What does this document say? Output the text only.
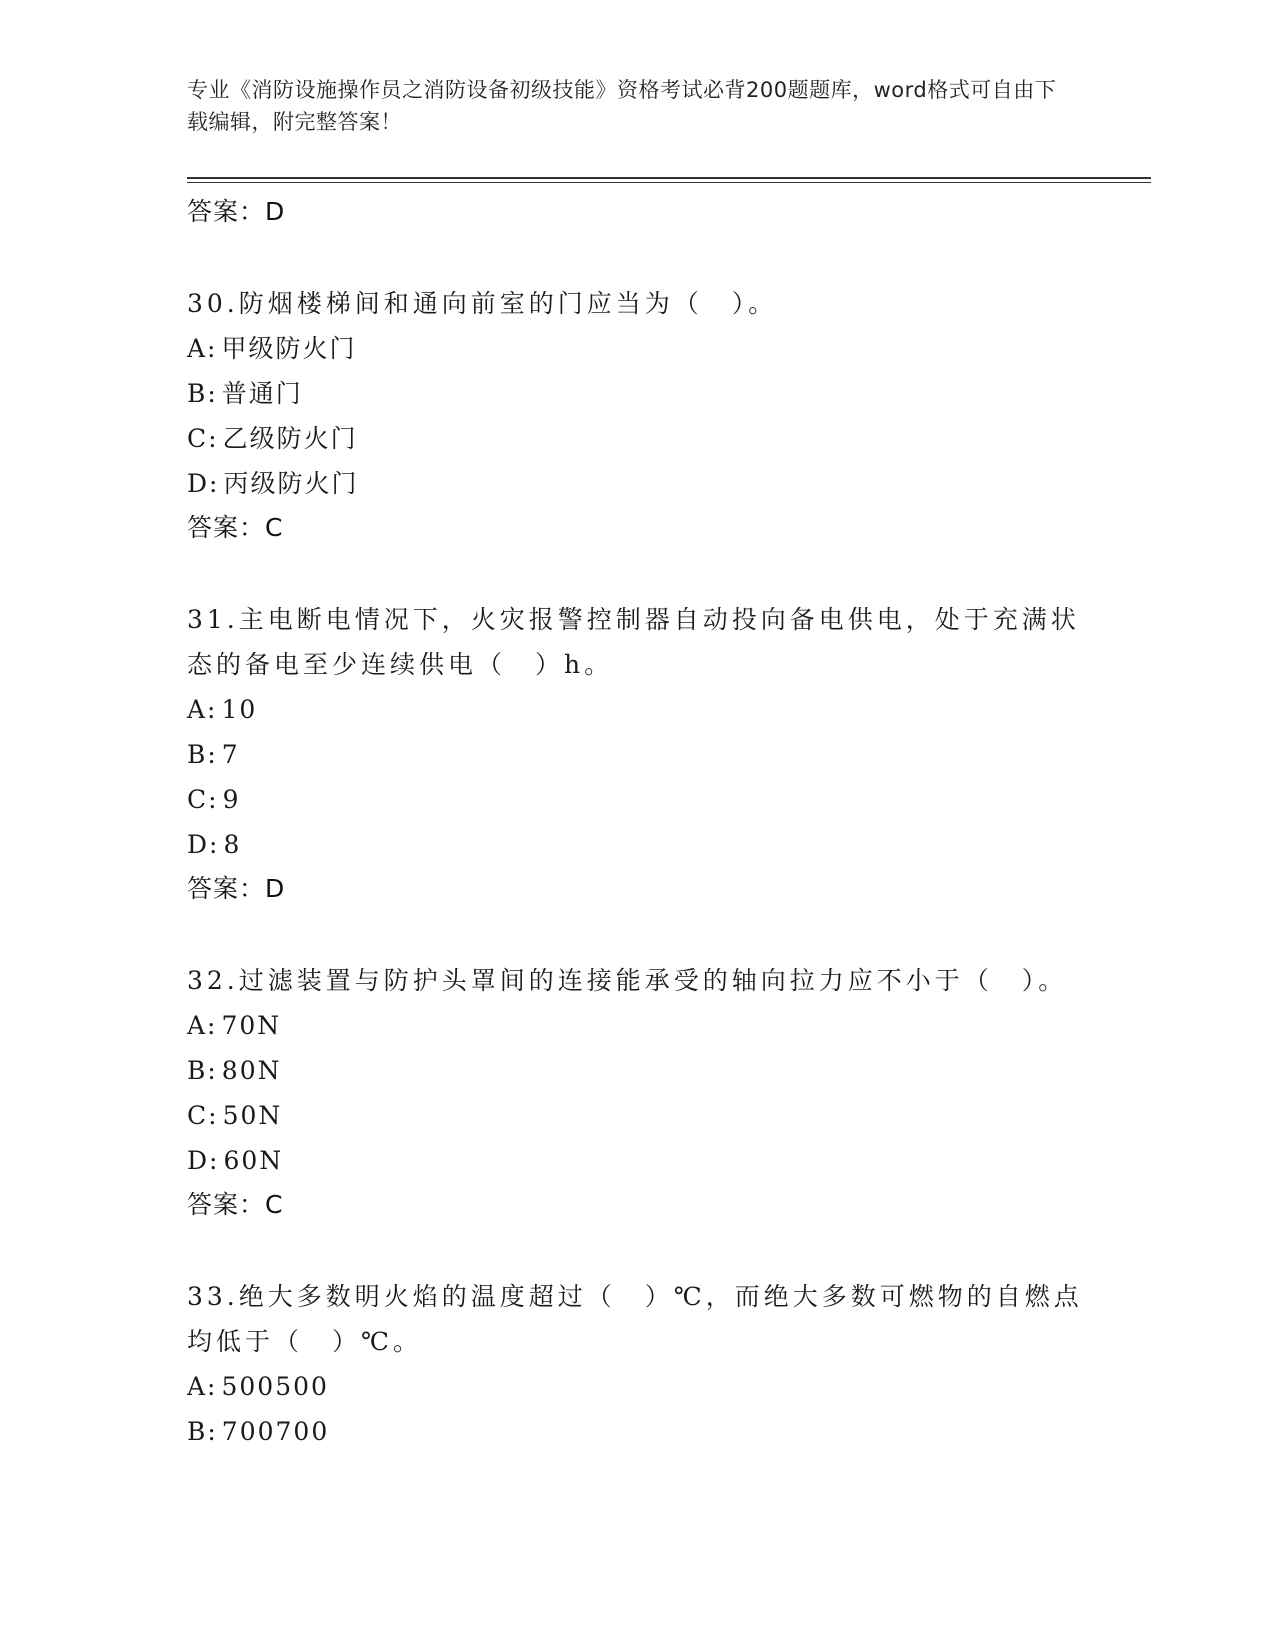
专业《消防设施操作员之消防设备初级技能》资格考试必背200题题库，word格式可自由下载编辑，附完整答案！
答案：D
30.防烟楼梯间和通向前室的门应当为（　）。
A: 甲级防火门
B: 普通门
C: 乙级防火门
D: 丙级防火门
答案：C
31.主电断电情况下，火灾报警控制器自动投向备电供电，处于充满状态的备电至少连续供电（　）h。
A: 10
B: 7
C: 9
D: 8
答案：D
32.过滤装置与防护头罩间的连接能承受的轴向拉力应不小于（　）。
A: 70N
B: 80N
C: 50N
D: 60N
答案：C
33.绝大多数明火焰的温度超过（　）℃，而绝大多数可燃物的自燃点均低于（　）℃。
A: 500500
B: 700700
